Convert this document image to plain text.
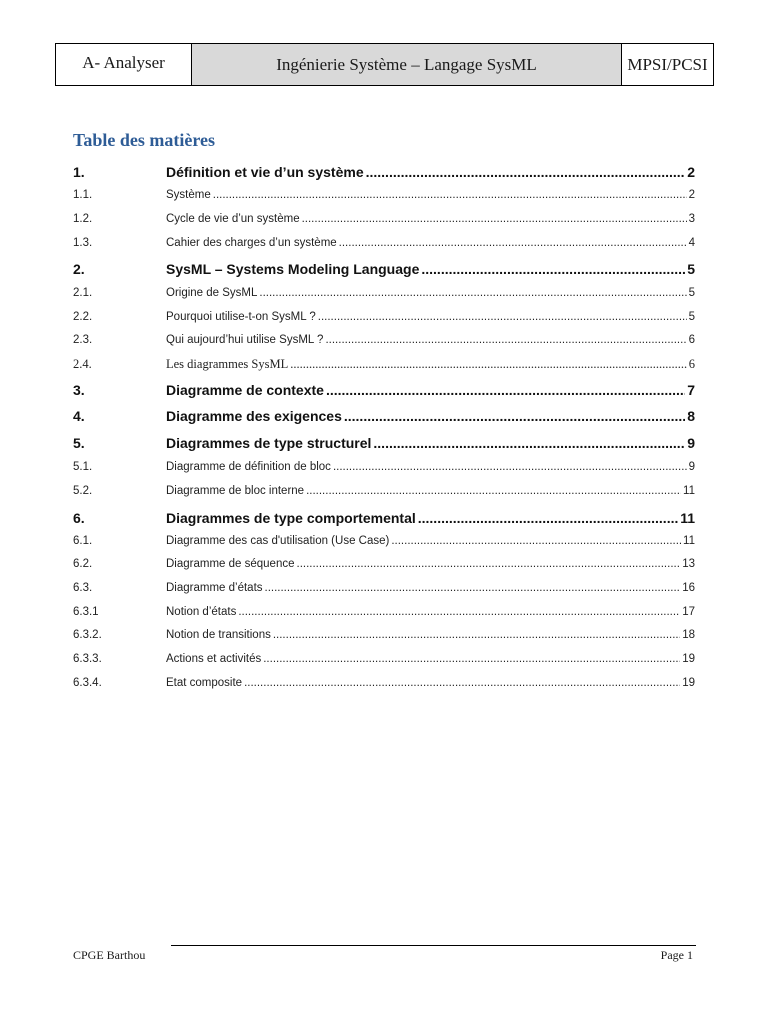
A- Analyser	Ingénierie Système – Langage SysML	MPSI/PCSI
Table des matières
1.	Définition et vie d’un système .....	2
1.1.	Système .....	2
1.2.	Cycle de vie d’un système .....	3
1.3.	Cahier des charges d’un système .....	4
2.	SysML – Systems Modeling Language .....	5
2.1.	Origine de SysML .....	5
2.2.	Pourquoi utilise-t-on SysML ? .....	5
2.3.	Qui aujourd’hui utilise SysML ? .....	6
2.4.	Les diagrammes SysML .....	6
3.	Diagramme de contexte .....	7
4.	Diagramme des exigences .....	8
5.	Diagrammes de type structurel .....	9
5.1.	Diagramme de définition de bloc .....	9
5.2.	Diagramme de bloc interne .....	11
6.	Diagrammes de type comportemental .....	11
6.1.	Diagramme des cas d'utilisation (Use Case) .....	11
6.2.	Diagramme de séquence .....	13
6.3.	Diagramme d’états .....	16
6.3.1	Notion d’états .....	17
6.3.2.	Notion de transitions .....	18
6.3.3.	Actions et activités .....	19
6.3.4.	Etat composite .....	19
CPGE Barthou	Page 1
